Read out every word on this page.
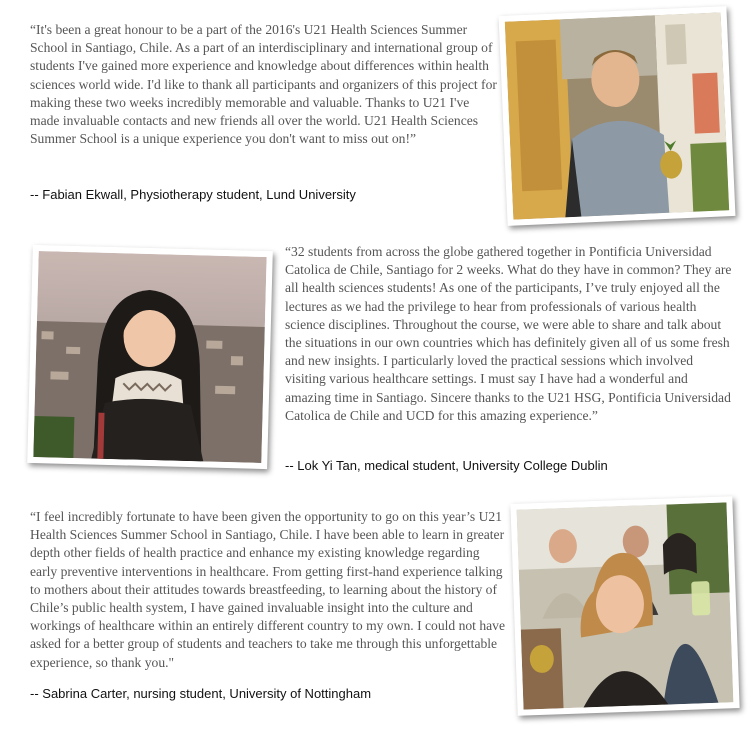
“It's been a great honour to be a part of the 2016's U21 Health Sciences Summer School in Santiago, Chile. As a part of an interdisciplinary and international group of students I've gained more experience and knowledge about differences within health sciences world wide. I'd like to thank all participants and organizers of this project for making these two weeks incredibly memorable and valuable. Thanks to U21 I've made invaluable contacts and new friends all over the world. U21 Health Sciences Summer School is a unique experience you don't want to miss out on!”

-- Fabian Ekwall, Physiotherapy student, Lund University

“32 students from across the globe gathered together in Pontificia Universidad Catolica de Chile, Santiago for 2 weeks. What do they have in common? They are all health sciences students! As one of the participants, I’ve truly enjoyed all the lectures as we had the privilege to hear from professionals of various health science disciplines. Throughout the course, we were able to share and talk about the situations in our own countries which has definitely given all of us some fresh and new insights. I particularly loved the practical sessions which involved visiting various healthcare settings. I must say I have had a wonderful and amazing time in Santiago. Sincere thanks to the U21 HSG, Pontificia Universidad Catolica de Chile and UCD for this amazing experience.”

-- Lok Yi Tan, medical student, University College Dublin

“I feel incredibly fortunate to have been given the opportunity to go on this year’s U21 Health Sciences Summer School in Santiago, Chile. I have been able to learn in greater depth other fields of health practice and enhance my existing knowledge regarding early preventive interventions in healthcare. From getting first-hand experience talking to mothers about their attitudes towards breastfeeding, to learning about the history of Chile’s public health system, I have gained invaluable insight into the culture and workings of healthcare within an entirely different country to my own. I could not have asked for a better group of students and teachers to take me through this unforgettable experience, so thank you."

-- Sabrina Carter, nursing student, University of Nottingham
